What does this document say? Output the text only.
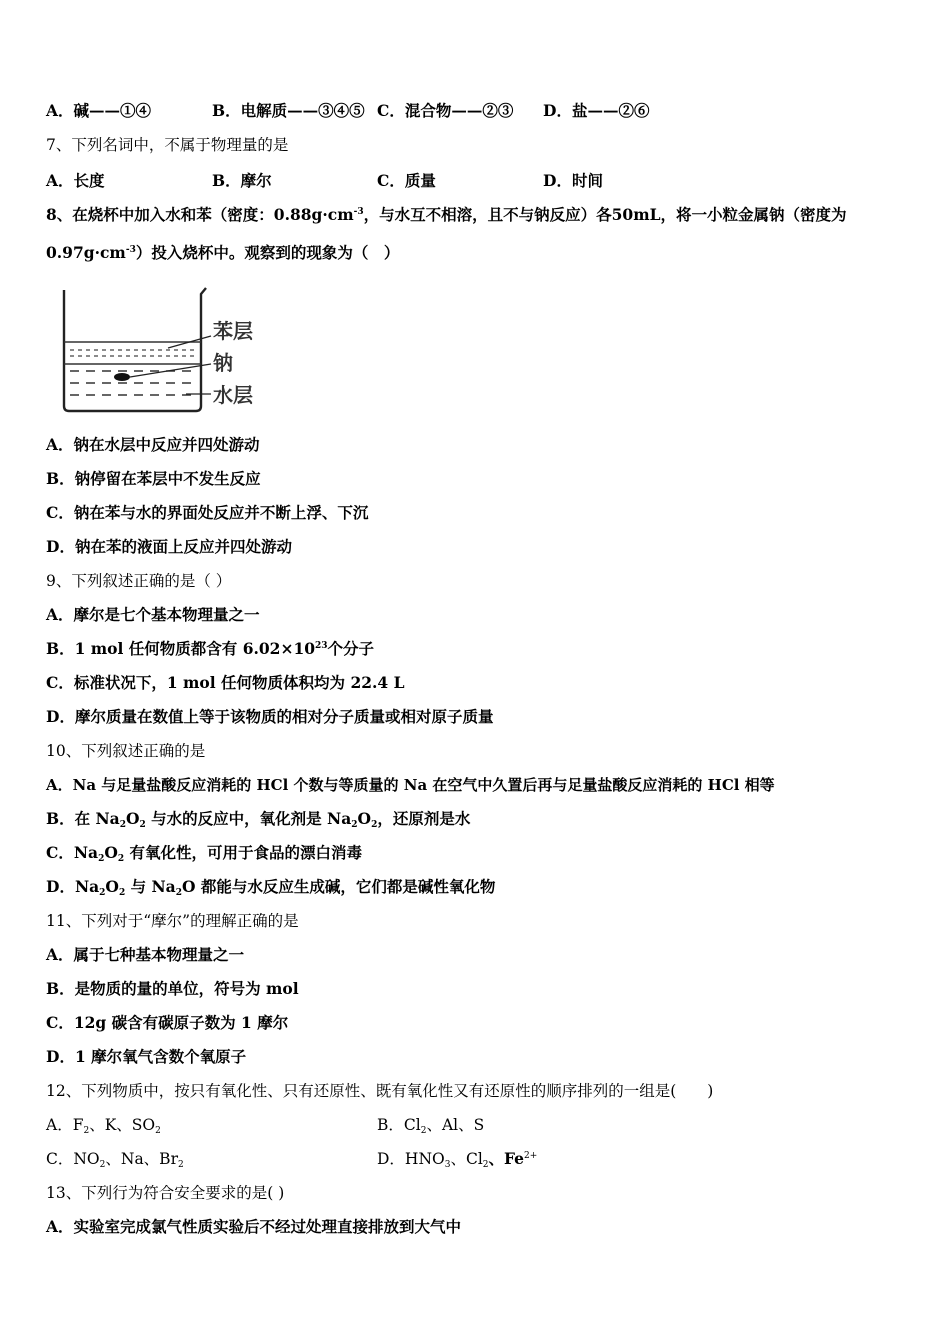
A．碱——①④	B．电解质——③④⑤ C．混合物——②③ D．盐——②⑥
7、下列名词中，不属于物理量的是
A．长度	B．摩尔	C．质量	D．时间
8、在烧杯中加入水和苯（密度：$0.88g\cdot cm^{-3}$，与水互不相溶，且不与钠反应）各50mL，将一小粒金属钠（密度为
$0.97g\cdot cm^{-3}$）投入烧杯中。观察到的现象为（　）
苯层
钠
水层
A．钠在水层中反应并四处游动
B．钠停留在苯层中不发生反应
C．钠在苯与水的界面处反应并不断上浮、下沉
D．钠在苯的液面上反应并四处游动
9、下列叙述正确的是（ ）
A．摩尔是七个基本物理量之一
B．1 mol 任何物质都含有 $6.02\times 10^{23}$个分子
C．标准状况下，1 mol 任何物质体积均为 22.4 L
D．摩尔质量在数值上等于该物质的相对分子质量或相对原子质量
10、下列叙述正确的是
A．Na 与足量盐酸反应消耗的 HCl 个数与等质量的 Na 在空气中久置后再与足量盐酸反应消耗的 HCl 相等
B．在 $Na_2O_2$ 与水的反应中，氧化剂是 $Na_2O_2$，还原剂是水
C．$Na_2O_2$ 有氧化性，可用于食品的漂白消毒
D．$Na_2O_2$ 与 $Na_2O$ 都能与水反应生成碱，它们都是碱性氧化物
11、下列对于“摩尔”的理解正确的是
A．属于七种基本物理量之一
B．是物质的量的单位，符号为 mol
C．12g 碳含有碳原子数为 1 摩尔
D．1 摩尔氧气含数个氧原子
12、下列物质中，按只有氧化性、只有还原性、既有氧化性又有还原性的顺序排列的一组是(　　)
A．$F_2$、K、$SO_2$	B．$Cl_2$、Al、S
C．$NO_2$、Na、$Br_2$	D．$HNO_3$、$Cl_2$、$Fe^{2+}$
13、下列行为符合安全要求的是( )
A．实验室完成氯气性质实验后不经过处理直接排放到大气中
